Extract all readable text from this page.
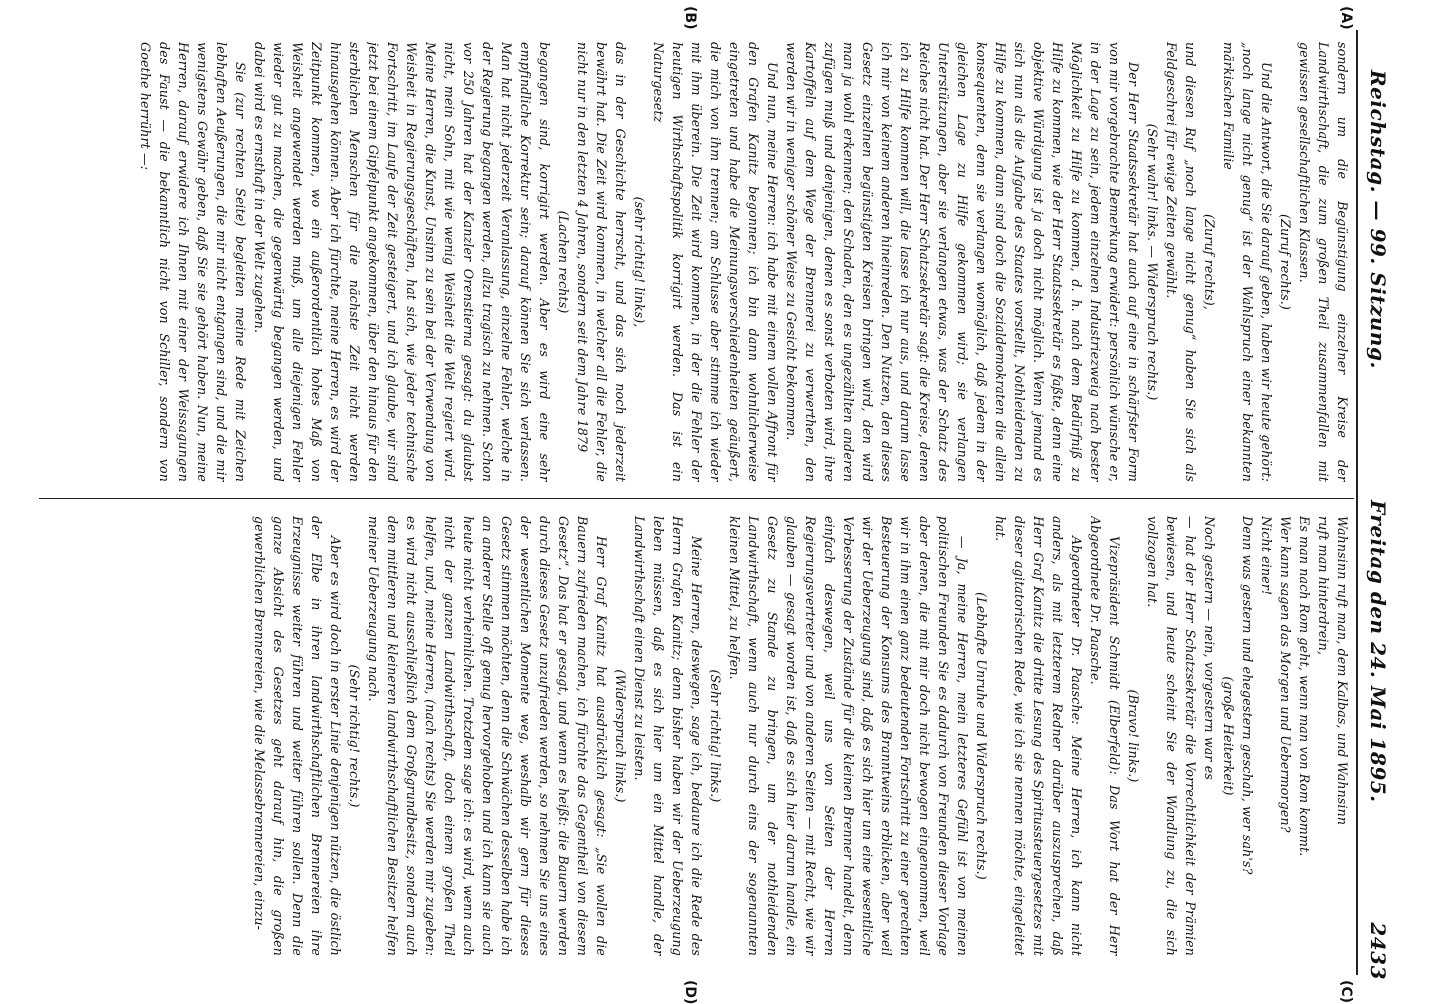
Reichstag. — 99. Sitzung.
Freitag den 24. Mai 1895.
2433
(A)
(B)
(C)
(D)

sondern um die Begünstigung einzelner Kreise der Landwirthschaft, die zum großen Theil zusammenfallen mit gewissen gesellschaftlichen Klassen.

(Zuruf rechts.)

Und die Antwort, die Sie darauf geben, haben wir heute gehört: „noch lange nicht genug“ ist der Wahlspruch einer bekannten märkischen Familie

(Zuruf rechts),

und diesen Ruf „noch lange nicht genug“ haben Sie sich als Feldgeschrei für ewige Zeiten gewählt.

(Sehr wahr! links. — Widerspruch rechts.)

Der Herr Staatssekretär hat auch auf eine in schärfster Form von mir vorgebrachte Bemerkung erwidert: persönlich wünsche er, in der Lage zu sein, jedem einzelnen Industriezweig nach bester Möglichkeit zu Hilfe zu kommen, d. h. nach dem Bedürfniß zu Hilfe zu kommen, wie der Herr Staatssekretär es faßte, denn eine objektive Würdigung ist ja doch nicht möglich. Wenn jemand es sich nun als die Aufgabe des Staates vorstellt, Nothleidenden zu Hilfe zu kommen, dann sind doch die Sozialdemokraten die allein konsequenten, denn sie verlangen womöglich, daß jedem in der gleichen Lage zu Hilfe gekommen wird; sie verlangen Unterstützungen, aber sie verlangen etwas, was der Schatz des Reiches nicht hat. Der Herr Schatzsekretär sagt: die Kreise, denen ich zu Hilfe kommen will, die lasse ich nur aus, und darum lasse ich mir von keinem anderen hineinreden. Den Nutzen, den dieses Gesetz einzelnen begünstigten Kreisen bringen wird, den wird man ja wohl erkennen; den Schaden, den es ungezählten anderen zufügen muß und denjenigen, denen es sonst verboten wird, ihre Kartoffeln auf dem Wege der Brennerei zu verwerthen, den werden wir in weniger schöner Weise zu Gesicht bekommen.

Und nun, meine Herren: ich habe mit einem vollen Affront für den Grafen Kanitz begonnen; ich bin dann wohnlicherweise eingetreten und habe die Meinungsverschiedenheiten geäußert, die mich von ihm trennen; am Schlusse aber stimme ich wieder mit ihm überein. Die Zeit wird kommen, in der die Fehler der heutigen Wirthschaftspolitik korrigirt werden. Das ist ein Naturgesetz

(sehr richtig! links),

das in der Geschichte herrscht, und das sich noch jederzeit bewährt hat. Die Zeit wird kommen, in welcher all die Fehler, die nicht nur in den letzten 4 Jahren, sondern seit dem Jahre 1879

(Lachen rechts)

begangen sind, korrigirt werden. Aber es wird eine sehr empfindliche Korrektur sein; darauf können Sie sich verlassen. Man hat nicht jederzeit Veranlassung, einzelne Fehler, welche in der Regierung begangen werden, allzu tragisch zu nehmen. Schon vor 250 Jahren hat der Kanzler Orenstierna gesagt: du glaubst nicht, mein Sohn, mit wie wenig Weisheit die Welt regiert wird. Meine Herren, die Kunst, Unsinn zu sein bei der Verwendung von Weisheit in Regierungsgeschäften, hat sich, wie jeder technische Fortschritt, im Laufe der Zeit gesteigert, und ich glaube, wir sind jetzt bei einem Gipfelpunkt angekommen, über den hinaus für den sterblichen Menschen für die nächste Zeit nicht werden hinausgehen können. Aber ich fürchte, meine Herren, es wird der Zeitpunkt kommen, wo ein außerordentlich hohes Maß von Weisheit angewendet werden muß, um alle diejenigen Fehler wieder gut zu machen, die gegenwärtig begangen werden, und dabei wird es ernsthaft in der Welt zugehen.

Sie (zur rechten Seite) begleiten meine Rede mit Zeichen lebhaften Aeußerungen, die mir nicht entgangen sind, und die mir wenigstens Gewähr geben, daß Sie sie gehört haben. Nun, meine Herren, darauf erwidere ich Ihnen mit einer der Weissagungen des Faust — die bekanntlich nicht von Schiller, sondern von Goethe herrührt —:

Wahnsinn ruft man, dem Kalbas, und Wahnsinn

ruft man hinterdrein,

Es man nach Rom geht, wenn man von Rom kommt.

Wer kann sagen das Morgen und Uebermorgen?

Nicht einer!

Denn was gestern und ehegestern geschah, wer sah's?

(große Heiterkeit)

Noch gestern — nein, vorgestern war es

— hat der Herr Schatzsekretär die Vorrechtlichkeit der Prämien bewiesen, und heute scheint Sie der Wandlung zu, die sich vollzogen hat.

(Bravo! links.)

Vizepräsident Schmidt (Elberfeld): Das Wort hat der Herr Abgeordnete Dr. Paasche.

Abgeordneter Dr. Paasche: Meine Herren, ich kann nicht anders, als mit letzterem Redner darüber auszusprechen, daß Herr Graf Kanitz die dritte Lesung des Spiritussteuergesetzes mit dieser agitatorischen Rede, wie ich sie nennen möchte, eingeleitet hat.

(Lebhafte Unruhe und Widerspruch rechts.)

— Ja, meine Herren, mein letzteres Gefühl ist von meinen politischen Freunden Sie es dadurch von Freunden dieser Vorlage aber denen, die mit mir doch nicht bewogen eingenommen, weil wir in ihm einen ganz bedeutenden Fortschritt zu einer gerechten Besteuerung der Konsums des Branntweins erblicken, aber weil wir der Ueberzeugung sind, daß es sich hier um eine wesentliche Verbesserung der Zustände für die kleinen Brenner handelt, denn einfach deswegen, weil uns von Seiten der Herren Regierungsvertreter und von anderen Seiten — mit Recht, wie wir glauben — gesagt worden ist, daß es sich hier darum handle, ein Gesetz zu Stande zu bringen, um der nothleidenden Landwirthschaft, wenn auch nur durch eins der sogenannten kleinen Mittel, zu helfen.

(Sehr richtig! links.)

Meine Herren, deswegen, sage ich, bedaure ich die Rede des Herrn Grafen Kanitz; denn bisher haben wir der Ueberzeugung leben müssen, daß es sich hier um ein Mittel handle, der Landwirthschaft einen Dienst zu leisten.

(Widerspruch links.)

Herr Graf Kanitz hat ausdrücklich gesagt: „Sie wollen die Bauern zufrieden machen, ich fürchte das Gegentheil von diesem Gesetz“. Das hat er gesagt, und wenn es heißt: die Bauern werden durch dieses Gesetz unzufrieden werden, so nehmen Sie uns eines der wesentlichen Momente weg, weshalb wir gern für dieses Gesetz stimmen möchten, denn die Schwächen desselben habe ich an anderer Stelle oft genug hervorgehoben und ich kann sie auch heute nicht verheimlichen. Trotzdem sage ich: es wird, wenn auch nicht der ganzen Landwirthschaft, doch einem großen Theil helfen, und, meine Herren, (nach rechts) Sie werden mir zugeben: es wird nicht ausschließlich dem Großgrundbesitz, sondern auch dem mittleren und kleineren landwirthschaftlichen Besitzer helfen meiner Ueberzeugung nach.

(Sehr richtig! rechts.)

Aber es wird doch in erster Linie denjenigen nützen, die östlich der Elbe in ihren landwirthschaftlichen Brennereien ihre Erzeugnisse weiter führen und weiter führen sollen. Denn die ganze Absicht des Gesetzes geht darauf hin, die großen gewerblichen Brennereien, wie die Melassebrennereien, einzu-
